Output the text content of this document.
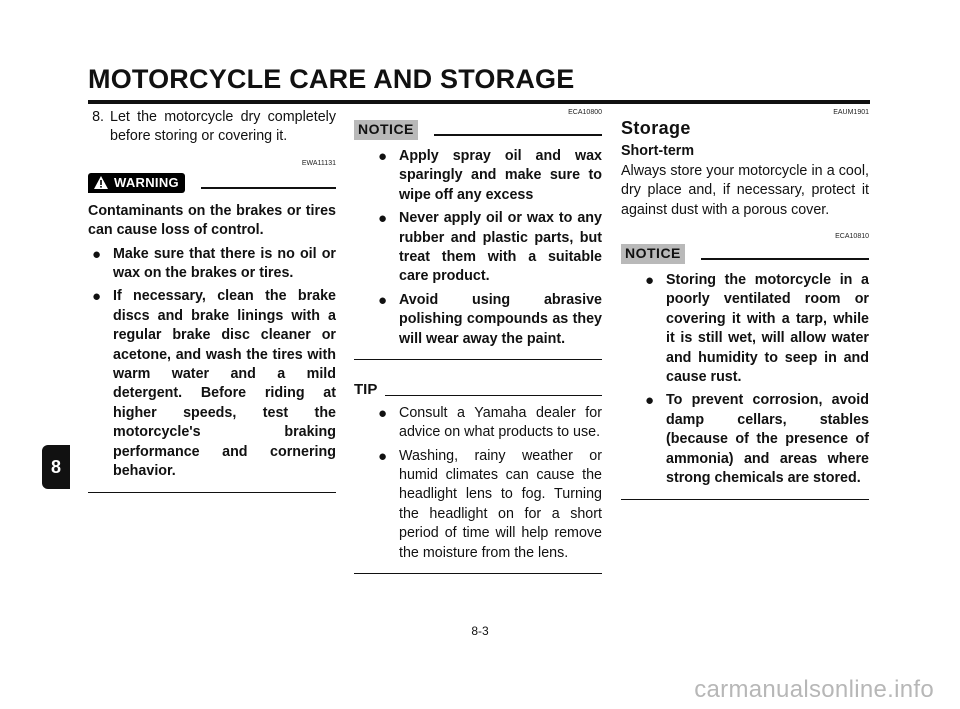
MOTORCYCLE CARE AND STORAGE
8
8. Let the motorcycle dry completely before storing or covering it.
EWA11131
WARNING
Contaminants on the brakes or tires can cause loss of control.
● Make sure that there is no oil or wax on the brakes or tires.
● If necessary, clean the brake discs and brake linings with a regular brake disc cleaner or acetone, and wash the tires with warm water and a mild detergent. Before riding at higher speeds, test the motorcycle's braking performance and cornering behavior.
ECA10800
NOTICE
● Apply spray oil and wax sparingly and make sure to wipe off any excess
● Never apply oil or wax to any rubber and plastic parts, but treat them with a suitable care product.
● Avoid using abrasive polishing compounds as they will wear away the paint.
TIP
● Consult a Yamaha dealer for advice on what products to use.
● Washing, rainy weather or humid climates can cause the headlight lens to fog. Turning the headlight on for a short period of time will help remove the moisture from the lens.
EAUM1901
Storage
Short-term
Always store your motorcycle in a cool, dry place and, if necessary, protect it against dust with a porous cover.
ECA10810
NOTICE
● Storing the motorcycle in a poorly ventilated room or covering it with a tarp, while it is still wet, will allow water and humidity to seep in and cause rust.
● To prevent corrosion, avoid damp cellars, stables (because of the presence of ammonia) and areas where strong chemicals are stored.
8-3
carmanualsonline.info
